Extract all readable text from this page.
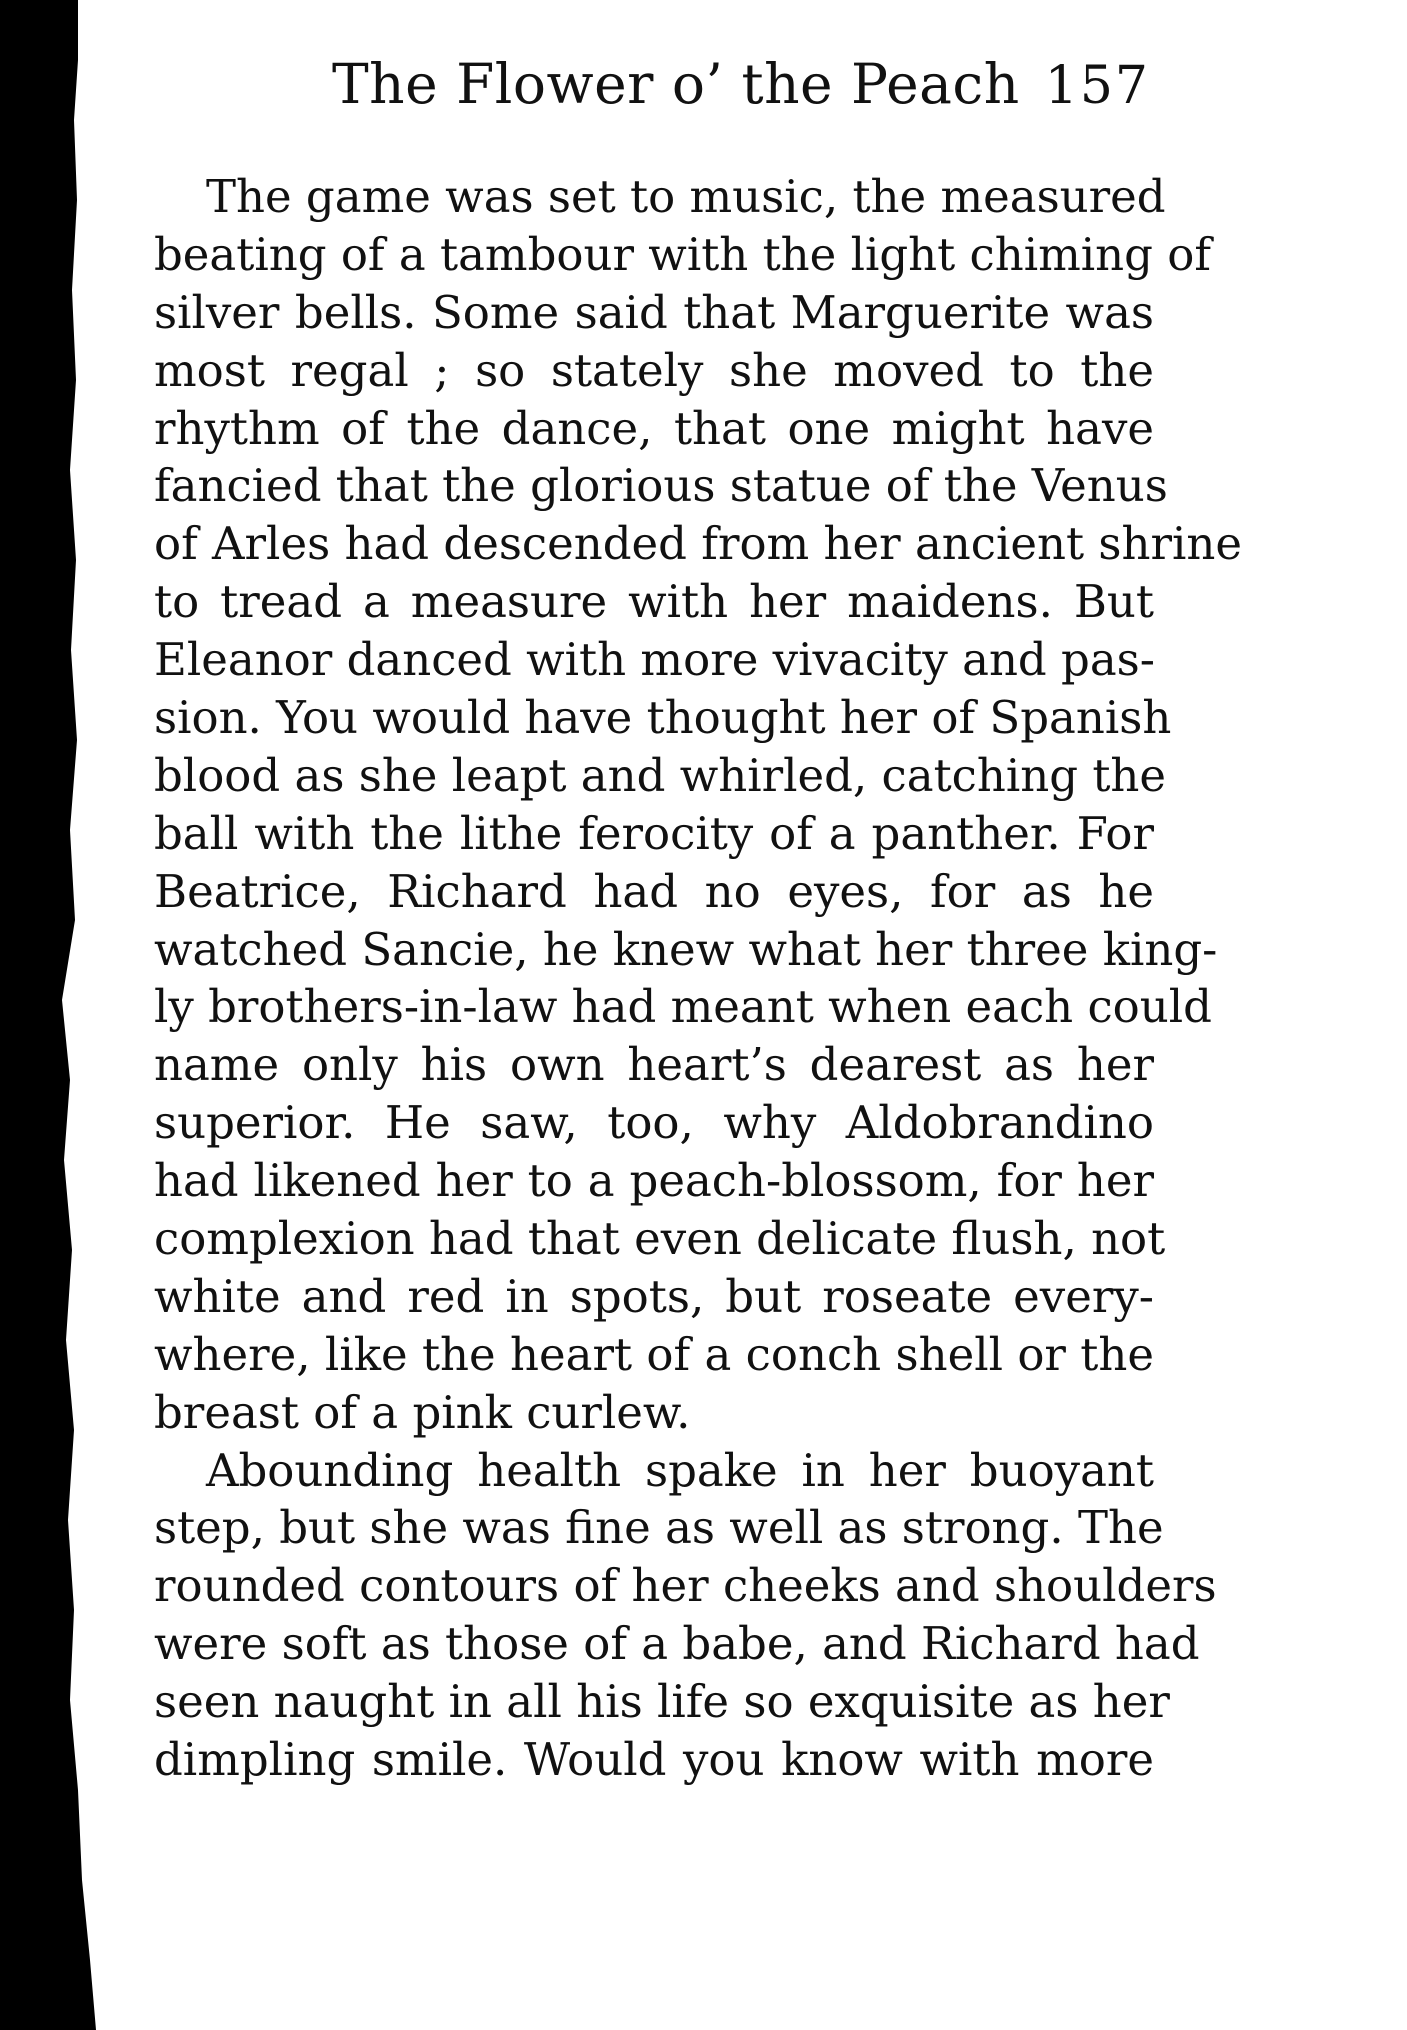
The Flower o’ the Peach 157
The game was set to music, the measured
beating of a tambour with the light chiming of
silver bells. Some said that Marguerite was
most regal ; so stately she moved to the
rhythm of the dance, that one might have
fancied that the glorious statue of the Venus
of Arles had descended from her ancient shrine
to tread a measure with her maidens. But
Eleanor danced with more vivacity and pas-
sion. You would have thought her of Spanish
blood as she leapt and whirled, catching the
ball with the lithe ferocity of a panther. For
Beatrice, Richard had no eyes, for as he
watched Sancie, he knew what her three king-
ly brothers-in-law had meant when each could
name only his own heart’s dearest as her
superior. He saw, too, why Aldobrandino
had likened her to a peach-blossom, for her
complexion had that even delicate flush, not
white and red in spots, but roseate every-
where, like the heart of a conch shell or the
breast of a pink curlew.
Abounding health spake in her buoyant
step, but she was fine as well as strong. The
rounded contours of her cheeks and shoulders
were soft as those of a babe, and Richard had
seen naught in all his life so exquisite as her
dimpling smile. Would you know with more
